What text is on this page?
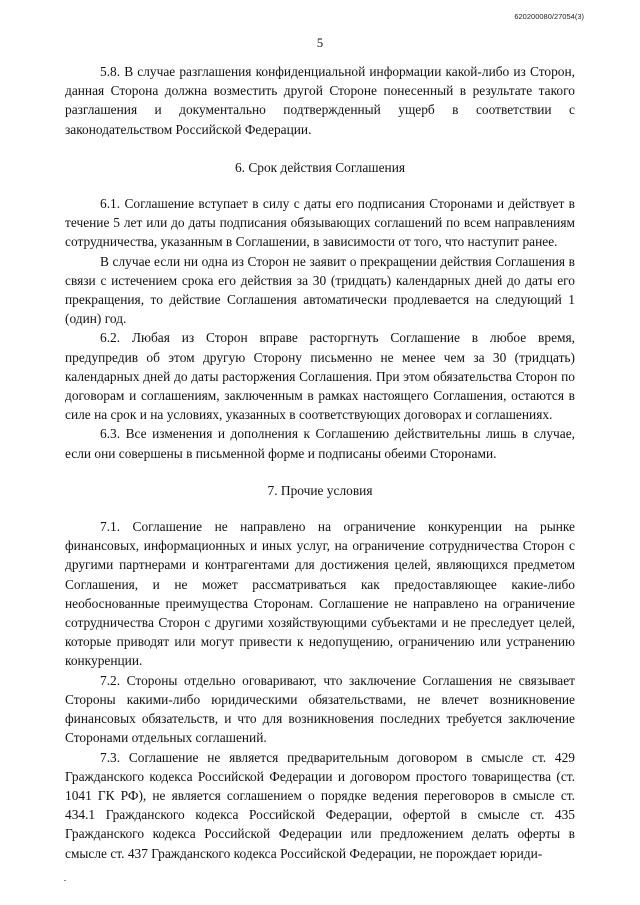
620200080/27054(3)
5

5.8. В случае разглашения конфиденциальной информации какой-либо из Сторон, данная Сторона должна возместить другой Стороне понесенный в результате такого разглашения и документально подтвержденный ущерб в соответствии с законодательством Российской Федерации.

6. Срок действия Соглашения

6.1. Соглашение вступает в силу с даты его подписания Сторонами и действует в течение 5 лет или до даты подписания обязывающих соглашений по всем направлениям сотрудничества, указанным в Соглашении, в зависимости от того, что наступит ранее.

В случае если ни одна из Сторон не заявит о прекращении действия Соглашения в связи с истечением срока его действия за 30 (тридцать) календарных дней до даты его прекращения, то действие Соглашения автоматически продлевается на следующий 1 (один) год.

6.2. Любая из Сторон вправе расторгнуть Соглашение в любое время, предупредив об этом другую Сторону письменно не менее чем за 30 (тридцать) календарных дней до даты расторжения Соглашения. При этом обязательства Сторон по договорам и соглашениям, заключенным в рамках настоящего Соглашения, остаются в силе на срок и на условиях, указанных в соответствующих договорах и соглашениях.

6.3. Все изменения и дополнения к Соглашению действительны лишь в случае, если они совершены в письменной форме и подписаны обеими Сторонами.

7. Прочие условия

7.1. Соглашение не направлено на ограничение конкуренции на рынке финансовых, информационных и иных услуг, на ограничение сотрудничества Сторон с другими партнерами и контрагентами для достижения целей, являющихся предметом Соглашения, и не может рассматриваться как предоставляющее какие-либо необоснованные преимущества Сторонам. Соглашение не направлено на ограничение сотрудничества Сторон с другими хозяйствующими субъектами и не преследует целей, которые приводят или могут привести к недопущению, ограничению или устранению конкуренции.

7.2. Стороны отдельно оговаривают, что заключение Соглашения не связывает Стороны какими-либо юридическими обязательствами, не влечет возникновение финансовых обязательств, и что для возникновения последних требуется заключение Сторонами отдельных соглашений.

7.3. Соглашение не является предварительным договором в смысле ст. 429 Гражданского кодекса Российской Федерации и договором простого товарищества (ст. 1041 ГК РФ), не является соглашением о порядке ведения переговоров в смысле ст. 434.1 Гражданского кодекса Российской Федерации, офертой в смысле ст. 435 Гражданского кодекса Российской Федерации или предложением делать оферты в смысле ст. 437 Гражданского кодекса Российской Федерации, не порождает юриди-
